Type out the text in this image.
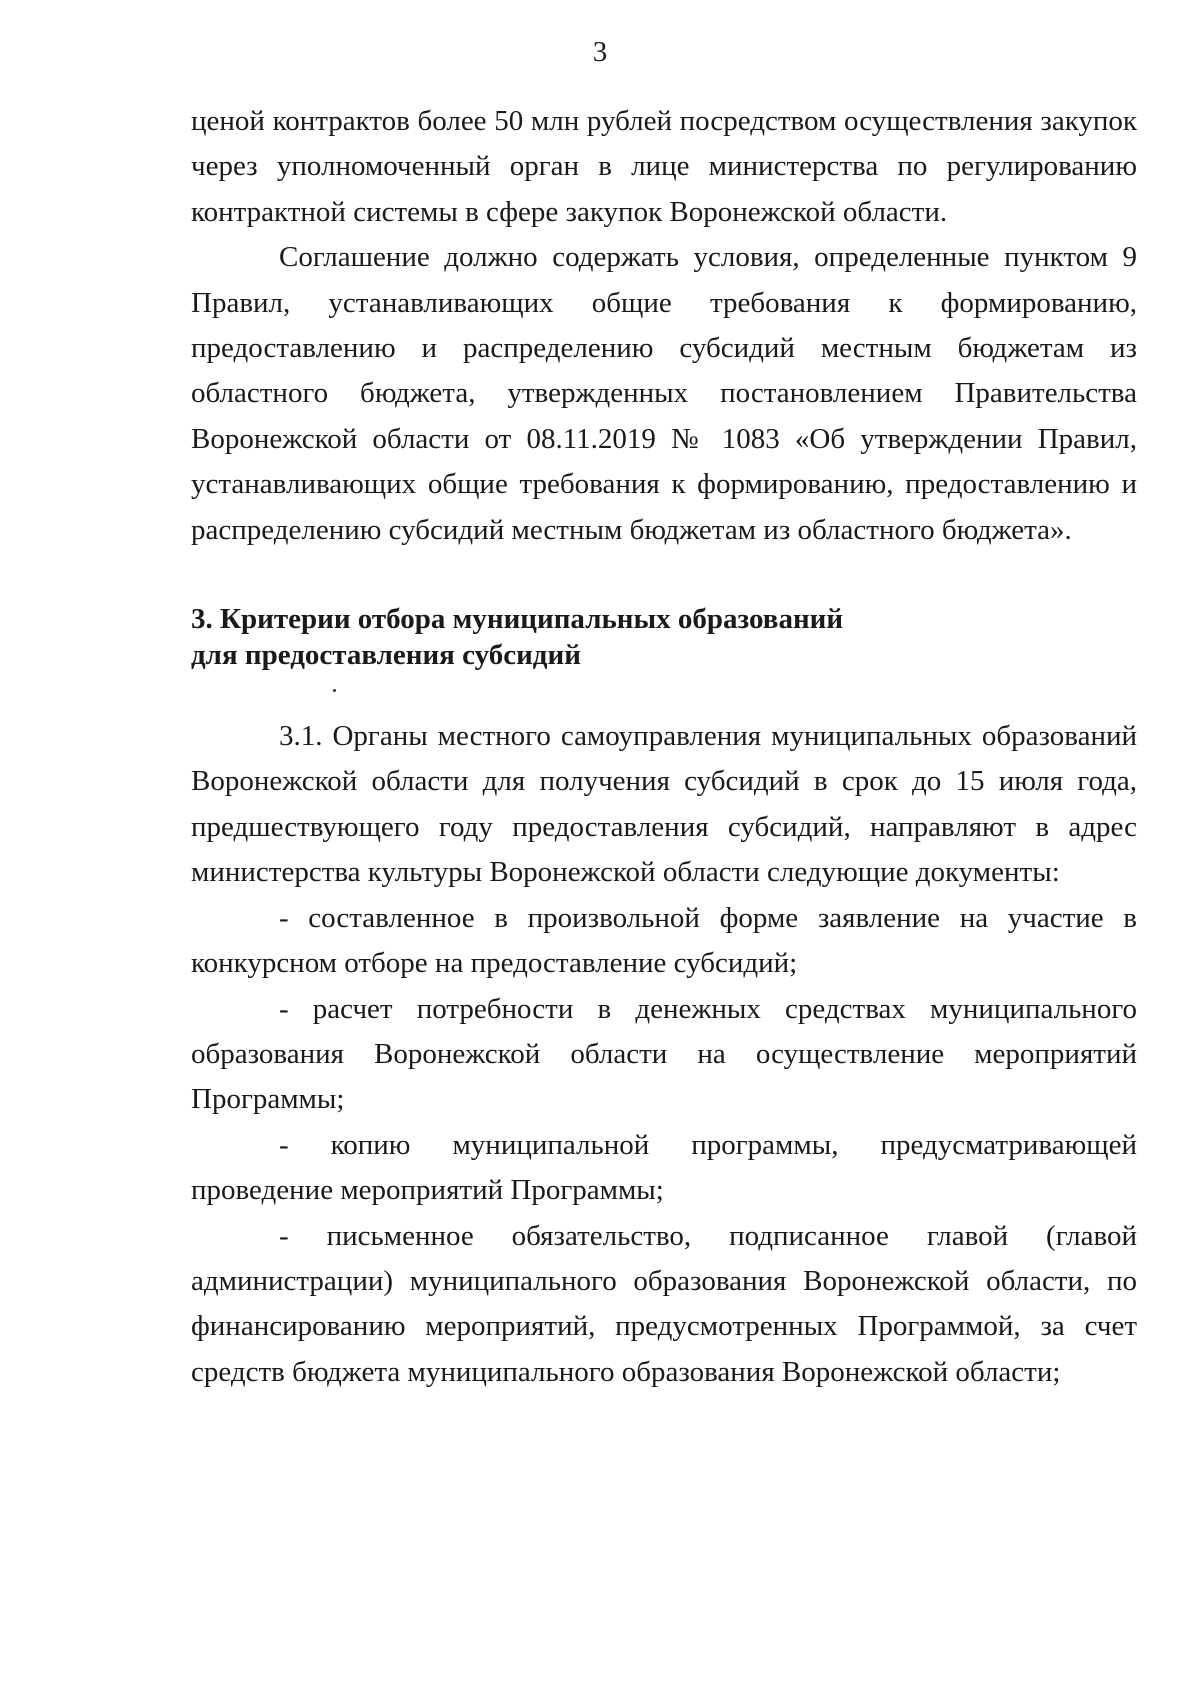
3

ценой контрактов более 50 млн рублей посредством осуществления закупок через уполномоченный орган в лице министерства по регулированию контрактной системы в сфере закупок Воронежской области.

Соглашение должно содержать условия, определенные пунктом 9 Правил, устанавливающих общие требования к формированию, предоставлению и распределению субсидий местным бюджетам из областного бюджета, утвержденных постановлением Правительства Воронежской области от 08.11.2019 № 1083 «Об утверждении Правил, устанавливающих общие требования к формированию, предоставлению и распределению субсидий местным бюджетам из областного бюджета».

3. Критерии отбора муниципальных образований

для предоставления субсидий

3.1. Органы местного самоуправления муниципальных образований Воронежской области для получения субсидий в срок до 15 июля года, предшествующего году предоставления субсидий, направляют в адрес министерства культуры Воронежской области следующие документы:

- составленное в произвольной форме заявление на участие в конкурсном отборе на предоставление субсидий;

- расчет потребности в денежных средствах муниципального образования Воронежской области на осуществление мероприятий Программы;

- копию муниципальной программы, предусматривающей проведение мероприятий Программы;

- письменное обязательство, подписанное главой (главой администрации) муниципального образования Воронежской области, по финансированию мероприятий, предусмотренных Программой, за счет средств бюджета муниципального образования Воронежской области;
